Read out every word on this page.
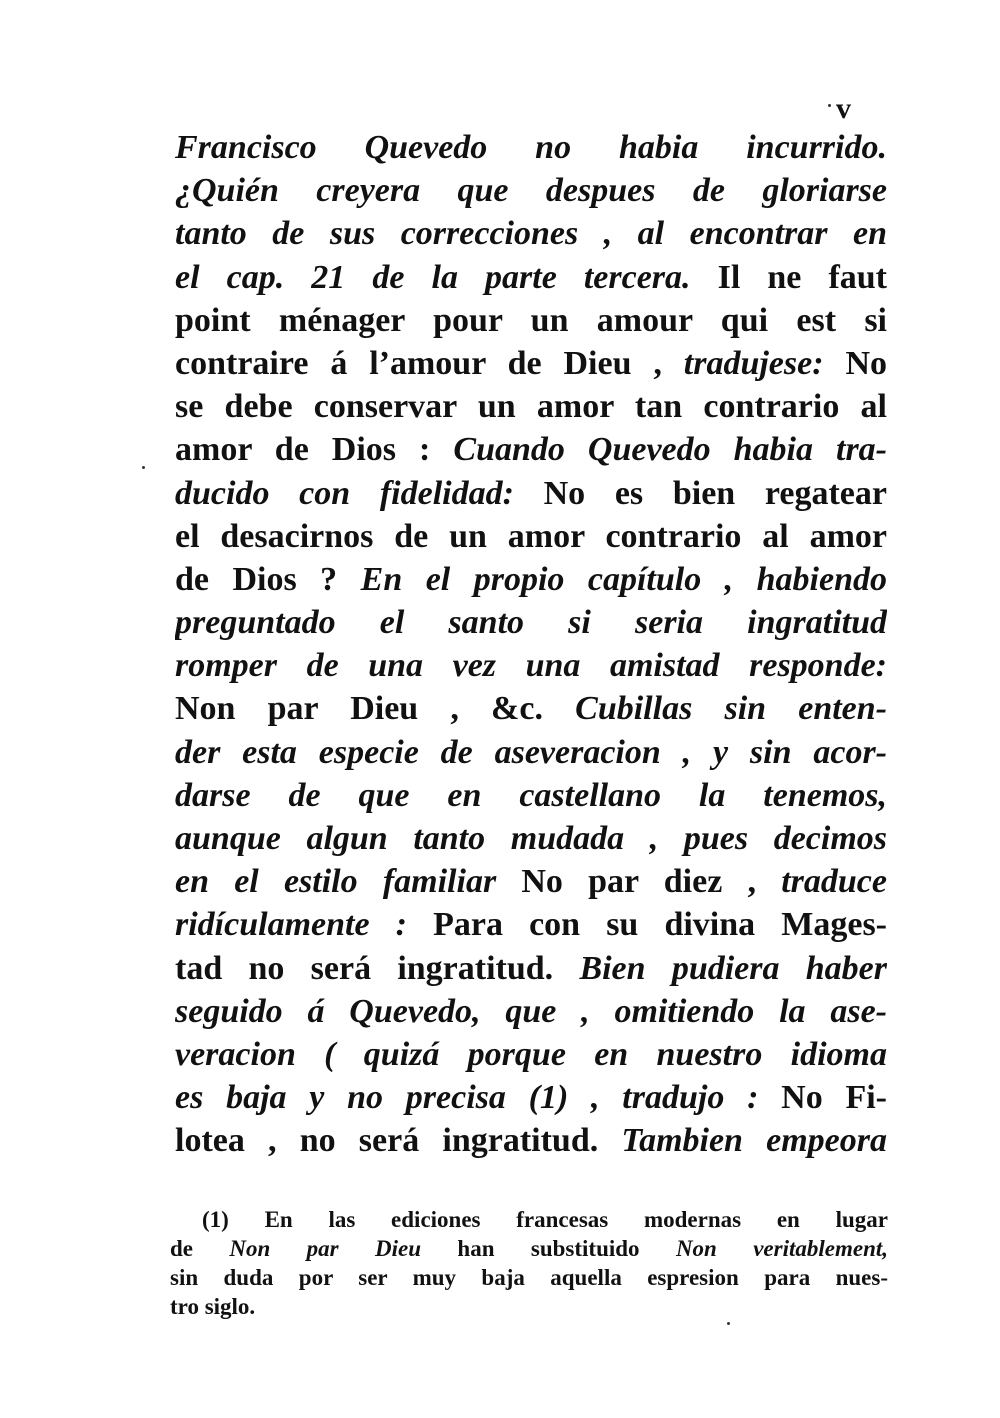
v
Francisco Quevedo no habia incurrido.
¿Quién creyera que despues de gloriarse
tanto de sus correcciones , al encontrar en
el cap. 21 de la parte tercera. Il ne faut
point ménager pour un amour qui est si
contraire á l’amour de Dieu , tradujese: No
se debe conservar un amor tan contrario al
amor de Dios : Cuando Quevedo habia tra-
ducido con fidelidad: No es bien regatear
el desacirnos de un amor contrario al amor
de Dios ? En el propio capítulo , habiendo
preguntado el santo si seria ingratitud
romper de una vez una amistad responde:
Non par Dieu , &c. Cubillas sin enten-
der esta especie de aseveracion , y sin acor-
darse de que en castellano la tenemos,
aunque algun tanto mudada , pues decimos
en el estilo familiar No par diez , traduce
ridículamente : Para con su divina Mages-
tad no será ingratitud. Bien pudiera haber
seguido á Quevedo, que , omitiendo la ase-
veracion ( quizá porque en nuestro idioma
es baja y no precisa (1) , tradujo : No Fi-
lotea , no será ingratitud. Tambien empeora
(1) En las ediciones francesas modernas en lugar
de Non par Dieu han substituido Non veritablement,
sin duda por ser muy baja aquella espresion para nues-
tro siglo.
